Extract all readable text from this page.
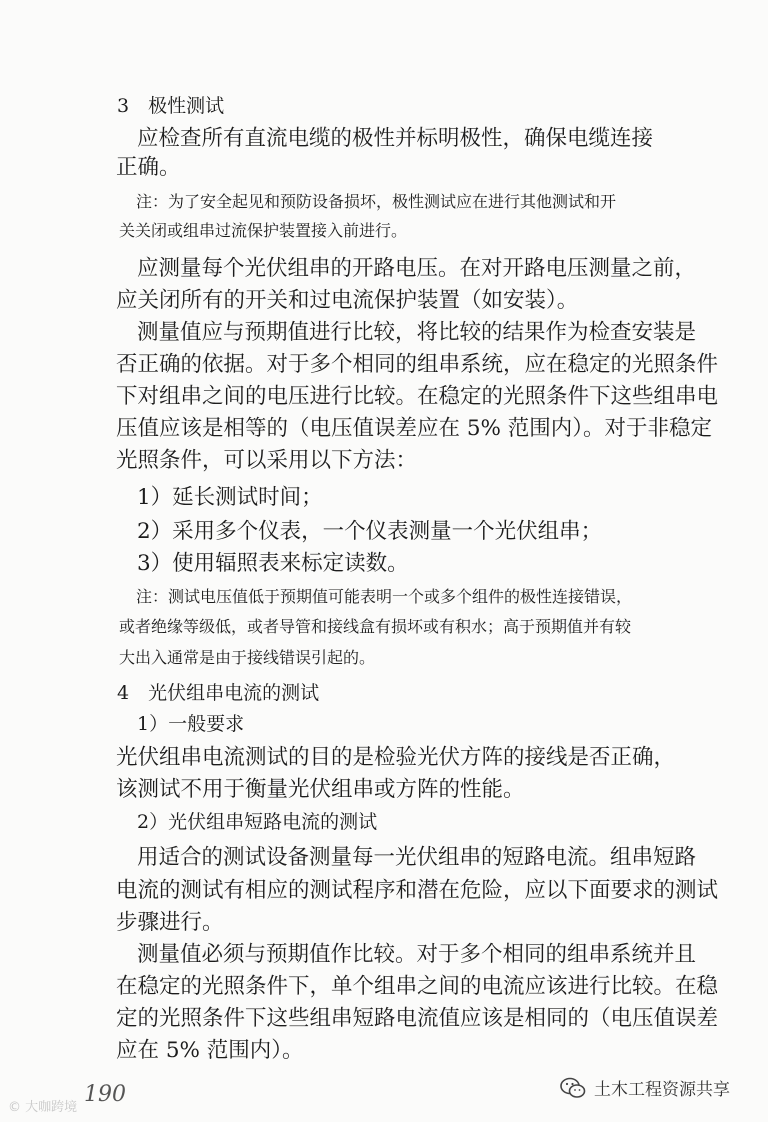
3　极性测试
应检查所有直流电缆的极性并标明极性，确保电缆连接
正确。
注：为了安全起见和预防设备损坏，极性测试应在进行其他测试和开
关关闭或组串过流保护装置接入前进行。
应测量每个光伏组串的开路电压。在对开路电压测量之前，
应关闭所有的开关和过电流保护装置（如安装）。
测量值应与预期值进行比较，将比较的结果作为检查安装是
否正确的依据。对于多个相同的组串系统，应在稳定的光照条件
下对组串之间的电压进行比较。在稳定的光照条件下这些组串电
压值应该是相等的（电压值误差应在 5% 范围内）。对于非稳定
光照条件，可以采用以下方法：
1）延长测试时间；
2）采用多个仪表，一个仪表测量一个光伏组串；
3）使用辐照表来标定读数。
注：测试电压值低于预期值可能表明一个或多个组件的极性连接错误，
或者绝缘等级低，或者导管和接线盒有损坏或有积水；高于预期值并有较
大出入通常是由于接线错误引起的。
4　光伏组串电流的测试
1）一般要求
光伏组串电流测试的目的是检验光伏方阵的接线是否正确，
该测试不用于衡量光伏组串或方阵的性能。
2）光伏组串短路电流的测试
用适合的测试设备测量每一光伏组串的短路电流。组串短路
电流的测试有相应的测试程序和潜在危险，应以下面要求的测试
步骤进行。
测量值必须与预期值作比较。对于多个相同的组串系统并且
在稳定的光照条件下，单个组串之间的电流应该进行比较。在稳
定的光照条件下这些组串短路电流值应该是相同的（电压值误差
应在 5% 范围内）。
190
© 大咖跨境
土木工程资源共享
